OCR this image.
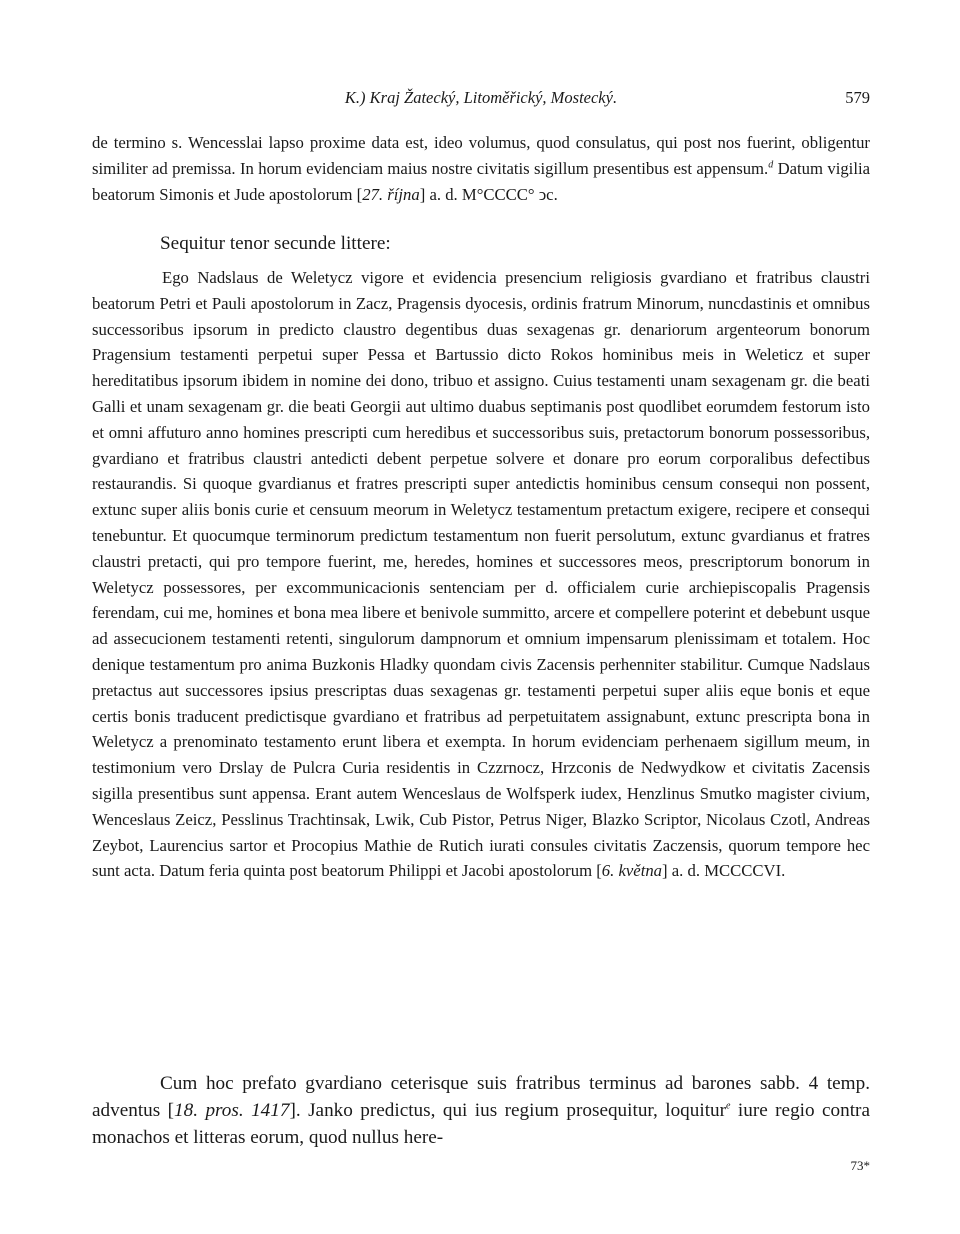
K.) Kraj Žatecký, Litoměřický, Mostecký.	579

de termino s. Wencesslai lapso proxime data est, ideo volumus, quod consulatus, qui post nos fuerint, obligentur similiter ad premissa. In horum evidenciam maius nostre civitatis sigillum presentibus est appensum.$^d$ Datum vigilia beatorum Simonis et Jude apostolorum [27. října] a. d. M°CCCC° ͻc.

Sequitur tenor secunde littere:

Ego Nadslaus de Weletycz vigore et evidencia presencium religiosis gvardiano et fratribus claustri beatorum Petri et Pauli apostolorum in Zacz, Pragensis dyocesis, ordinis fratrum Minorum, nuncdastinis et omnibus successoribus ipsorum in predicto claustro degentibus duas sexagenas gr. denariorum argenteorum bonorum Pragensium testamenti perpetui super Pessa et Bartussio dicto Rokos hominibus meis in Weleticz et super hereditatibus ipsorum ibidem in nomine dei dono, tribuo et assigno. Cuius testamenti unam sexagenam gr. die beati Galli et unam sexagenam gr. die beati Georgii aut ultimo duabus septimanis post quodlibet eorumdem festorum isto et omni affuturo anno homines prescripti cum heredibus et successoribus suis, pretactorum bonorum possessoribus, gvardiano et fratribus claustri antedicti debent perpetue solvere et donare pro eorum corporalibus defectibus restaurandis. Si quoque gvardianus et fratres prescripti super antedictis hominibus censum consequi non possent, extunc super aliis bonis curie et censuum meorum in Weletycz testamentum pretactum exigere, recipere et consequi tenebuntur. Et quocumque terminorum predictum testamentum non fuerit persolutum, extunc gvardianus et fratres claustri pretacti, qui pro tempore fuerint, me, heredes, homines et successores meos, prescriptorum bonorum in Weletycz possessores, per excommunicacionis sentenciam per d. officialem curie archiepiscopalis Pragensis ferendam, cui me, homines et bona mea libere et benivole summitto, arcere et compellere poterint et debebunt usque ad assecucionem testamenti retenti, singulorum dampnorum et omnium impensarum plenissimam et totalem. Hoc denique testamentum pro anima Buzkonis Hladky quondam civis Zacensis perhenniter stabilitur. Cumque Nadslaus pretactus aut successores ipsius prescriptas duas sexagenas gr. testamenti perpetui super aliis eque bonis et eque certis bonis traducent predictisque gvardiano et fratribus ad perpetuitatem assignabunt, extunc prescripta bona in Weletycz a prenominato testamento erunt libera et exempta. In horum evidenciam perhenaem sigillum meum, in testimonium vero Drslay de Pulcra Curia residentis in Czzrnocz, Hrzconis de Nedwydkow et civitatis Zacensis sigilla presentibus sunt appensa. Erant autem Wenceslaus de Wolfsperk iudex, Henzlinus Smutko magister civium, Wenceslaus Zeicz, Pesslinus Trachtinsak, Lwik, Cub Pistor, Petrus Niger, Blazko Scriptor, Nicolaus Czotl, Andreas Zeybot, Laurencius sartor et Procopius Mathie de Rutich iurati consules civitatis Zaczensis, quorum tempore hec sunt acta. Datum feria quinta post beatorum Philippi et Jacobi apostolorum [6. května] a. d. MCCCCVI.

Cum hoc prefato gvardiano ceterisque suis fratribus terminus ad barones sabb. 4 temp. adventus [18. pros. 1417]. Janko predictus, qui ius regium prosequitur, loquitur$^e$ iure regio contra monachos et litteras eorum, quod nullus here-

73*
